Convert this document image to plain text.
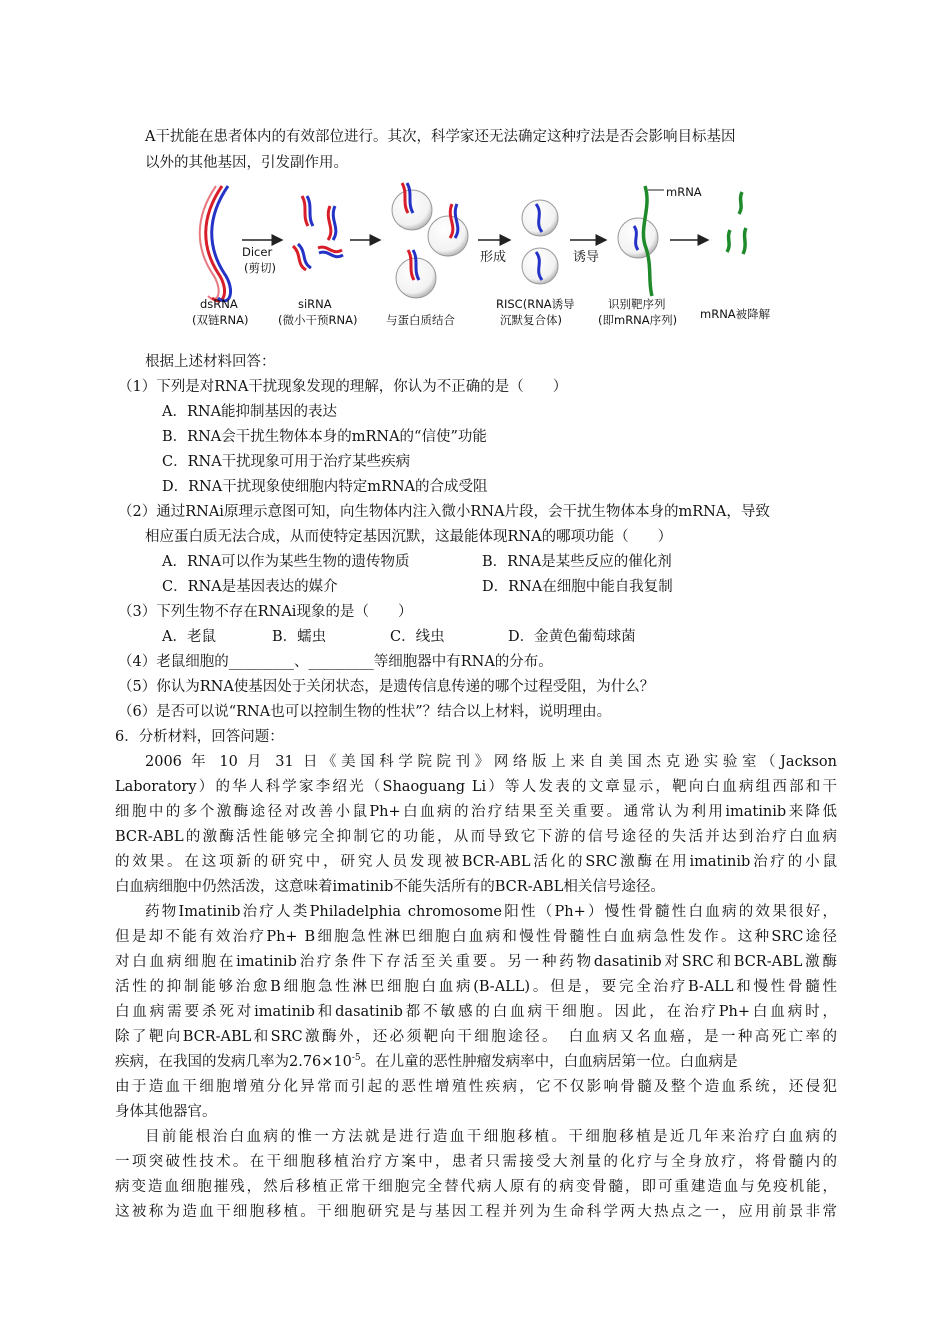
A干扰能在患者体内的有效部位进行。其次，科学家还无法确定这种疗法是否会影响目标基因
以外的其他基因，引发副作用。
Dicer
(剪切)
形成	诱导
mRNA
dsRNA
(双链RNA)
siRNA
(微小干预RNA) 与蛋白质结合
RISC(RNA诱导
沉默复合体)
识别靶序列
(即mRNA序列) mRNA被降解
根据上述材料回答：
（1）下列是对RNA干扰现象发现的理解，你认为不正确的是（　　）
A．RNA能抑制基因的表达
B．RNA会干扰生物体本身的mRNA的“信使”功能
C．RNA干扰现象可用于治疗某些疾病
D．RNA干扰现象使细胞内特定mRNA的合成受阻
（2）通过RNAi原理示意图可知，向生物体内注入微小RNA片段，会干扰生物体本身的mRNA，导致
相应蛋白质无法合成，从而使特定基因沉默，这最能体现RNA的哪项功能（　　）
A．RNA可以作为某些生物的遗传物质	B．RNA是某些反应的催化剂
C．RNA是基因表达的媒介	D．RNA在细胞中能自我复制
（3）下列生物不存在RNAi现象的是（　　）
A．老鼠	B．蠕虫	C．线虫	D．金黄色葡萄球菌
（4）老鼠细胞的_________、_________等细胞器中有RNA的分布。
（5）你认为RNA使基因处于关闭状态，是遗传信息传递的哪个过程受阻，为什么？
（6）是否可以说“RNA也可以控制生物的性状”？结合以上材料，说明理由。
6．分析材料，回答问题：
2006 年 10 月 31 日《美国科学院院刊》网络版上来自美国杰克逊实验室（Jackson
Laboratory）的华人科学家李绍光（Shaoguang Li）等人发表的文章显示，靶向白血病组西部和干
细胞中的多个激酶途径对改善小鼠Ph+白血病的治疗结果至关重要。通常认为利用imatinib来降低
BCR-ABL的激酶活性能够完全抑制它的功能，从而导致它下游的信号途径的失活并达到治疗白血病
的效果。在这项新的研究中，研究人员发现被BCR-ABL活化的SRC激酶在用imatinib治疗的小鼠
白血病细胞中仍然活泼，这意味着imatinib不能失活所有的BCR-ABL相关信号途径。
药物Imatinib治疗人类Philadelphia chromosome阳性（Ph+）慢性骨髓性白血病的效果很好，
但是却不能有效治疗Ph+ B细胞急性淋巴细胞白血病和慢性骨髓性白血病急性发作。这种SRC途径
对白血病细胞在imatinib治疗条件下存活至关重要。另一种药物dasatinib对SRC和BCR-ABL激酶
活性的抑制能够治愈B细胞急性淋巴细胞白血病(B-ALL)。但是，要完全治疗B-ALL和慢性骨髓性
白血病需要杀死对imatinib和dasatinib都不敏感的白血病干细胞。因此，在治疗Ph+白血病时，
除了靶向BCR-ABL和SRC激酶外，还必须靶向干细胞途径。　白血病又名血癌，是一种高死亡率的
疾病，在我国的发病几率为$2.76\times 10^{-5}$。在儿童的恶性肿瘤发病率中，白血病居第一位。白血病是
由于造血干细胞增殖分化异常而引起的恶性增殖性疾病，它不仅影响骨髓及整个造血系统，还侵犯
身体其他器官。
目前能根治白血病的惟一方法就是进行造血干细胞移植。干细胞移植是近几年来治疗白血病的
一项突破性技术。在干细胞移植治疗方案中，患者只需接受大剂量的化疗与全身放疗，将骨髓内的
病变造血细胞摧残，然后移植正常干细胞完全替代病人原有的病变骨髓，即可重建造血与免疫机能，
这被称为造血干细胞移植。干细胞研究是与基因工程并列为生命科学两大热点之一，应用前景非常
